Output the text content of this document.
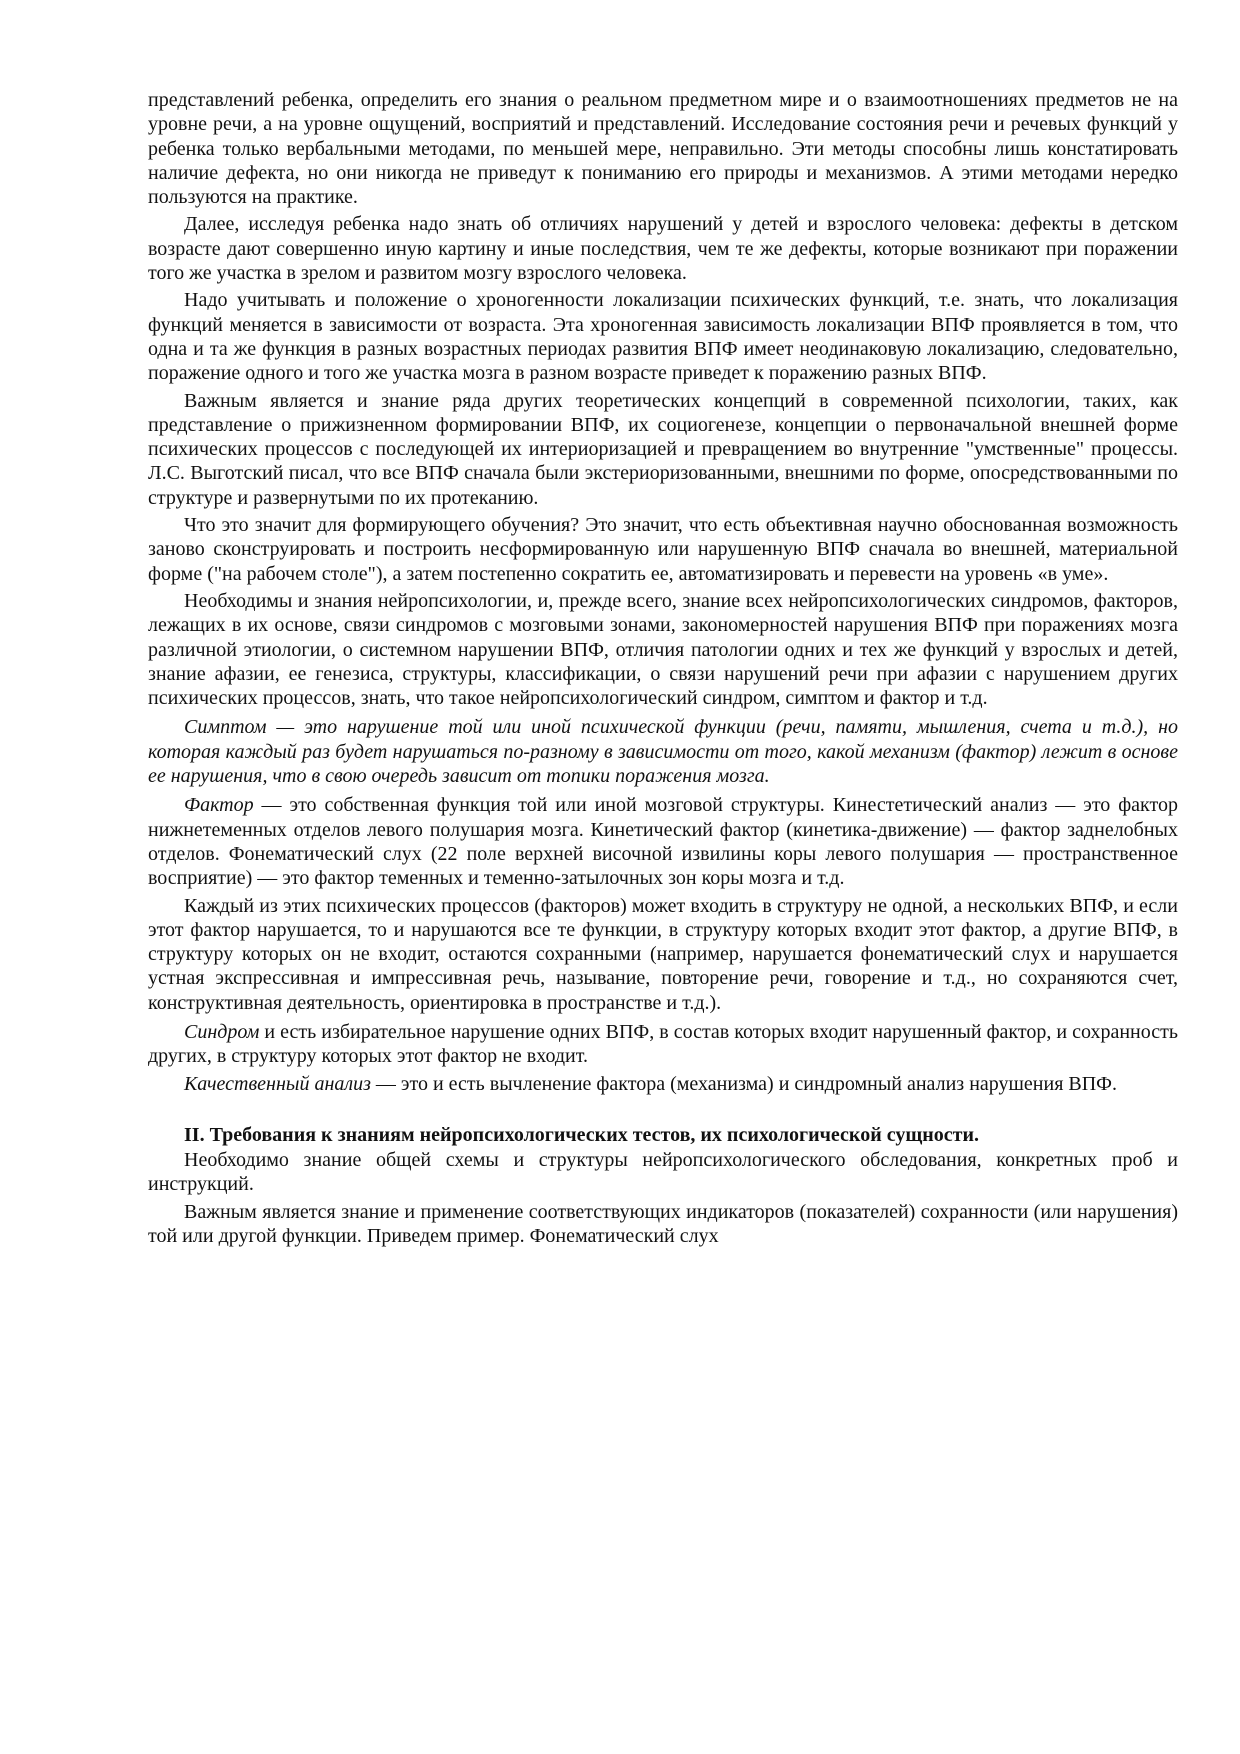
представлений ребенка, определить его знания о реальном предметном мире и о взаимоотношениях предметов не на уровне речи, а на уровне ощущений, восприятий и представлений. Исследование состояния речи и речевых функций у ребенка только вербальными методами, по меньшей мере, неправильно. Эти методы способны лишь констатировать наличие дефекта, но они никогда не приведут к пониманию его природы и механизмов. А этими методами нередко пользуются на практике.

Далее, исследуя ребенка надо знать об отличиях нарушений у детей и взрослого человека: дефекты в детском возрасте дают совершенно иную картину и иные последствия, чем те же дефекты, которые возникают при поражении того же участка в зрелом и развитом мозгу взрослого человека.

Надо учитывать и положение о хроногенности локализации психических функций, т.е. знать, что локализация функций меняется в зависимости от возраста. Эта хроногенная зависимость локализации ВПФ проявляется в том, что одна и та же функция в разных возрастных периодах развития ВПФ имеет неодинаковую локализацию, следовательно, поражение одного и того же участка мозга в разном возрасте приведет к поражению разных ВПФ.

Важным является и знание ряда других теоретических концепций в современной психологии, таких, как представление о прижизненном формировании ВПФ, их социогенезе, концепции о первоначальной внешней форме психических процессов с последующей их интериоризацией и превращением во внутренние "умственные" процессы. Л.С. Выготский писал, что все ВПФ сначала были экстериоризованными, внешними по форме, опосредствованными по структуре и развернутыми по их протеканию.

Что это значит для формирующего обучения? Это значит, что есть объективная научно обоснованная возможность заново сконструировать и построить несформированную или нарушенную ВПФ сначала во внешней, материальной форме ("на рабочем столе"), а затем постепенно сократить ее, автоматизировать и перевести на уровень «в уме».

Необходимы и знания нейропсихологии, и, прежде всего, знание всех нейропсихологических синдромов, факторов, лежащих в их основе, связи синдромов с мозговыми зонами, закономерностей нарушения ВПФ при поражениях мозга различной этиологии, о системном нарушении ВПФ, отличия патологии одних и тех же функций у взрослых и детей, знание афазии, ее генезиса, структуры, классификации, о связи нарушений речи при афазии с нарушением других психических процессов, знать, что такое нейропсихологический синдром, симптом и фактор и т.д.

Симптом — это нарушение той или иной психической функции (речи, памяти, мышления, счета и т.д.), но которая каждый раз будет нарушаться по-разному в зависимости от того, какой механизм (фактор) лежит в основе ее нарушения, что в свою очередь зависит от топики поражения мозга.

Фактор — это собственная функция той или иной мозговой структуры. Кинестетический анализ — это фактор нижнетеменных отделов левого полушария мозга. Кинетический фактор (кинетика-движение) — фактор заднелобных отделов. Фонематический слух (22 поле верхней височной извилины коры левого полушария — пространственное восприятие) — это фактор теменных и теменно-затылочных зон коры мозга и т.д.

Каждый из этих психических процессов (факторов) может входить в структуру не одной, а нескольких ВПФ, и если этот фактор нарушается, то и нарушаются все те функции, в структуру которых входит этот фактор, а другие ВПФ, в структуру которых он не входит, остаются сохранными (например, нарушается фонематический слух и нарушается устная экспрессивная и импрессивная речь, называние, повторение речи, говорение и т.д., но сохраняются счет, конструктивная деятельность, ориентировка в пространстве и т.д.).

Синдром и есть избирательное нарушение одних ВПФ, в состав которых входит нарушенный фактор, и сохранность других, в структуру которых этот фактор не входит.

Качественный анализ — это и есть вычленение фактора (механизма) и синдромный анализ нарушения ВПФ.

II. Требования к знаниям нейропсихологических тестов, их психологической сущности.

Необходимо знание общей схемы и структуры нейропсихологического обследования, конкретных проб и инструкций.

Важным является знание и применение соответствующих индикаторов (показателей) сохранности (или нарушения) той или другой функции. Приведем пример. Фонематический слух
